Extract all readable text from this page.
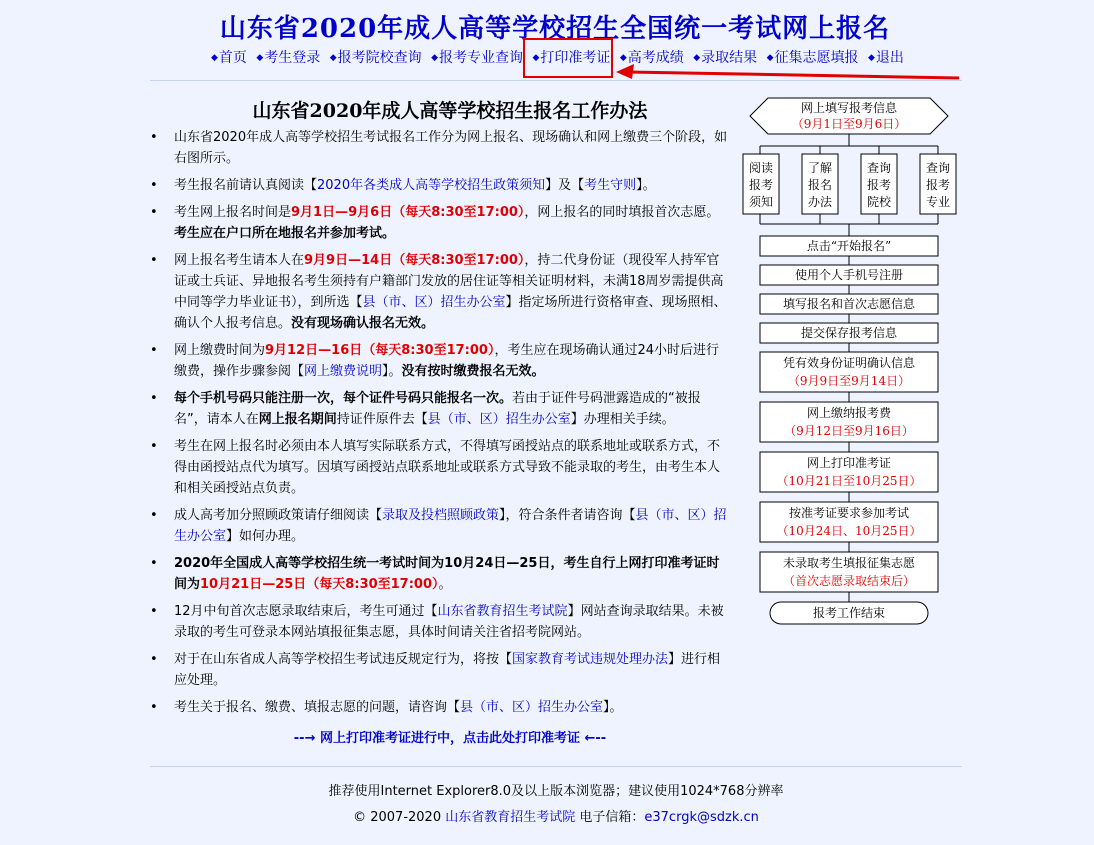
山东省2020年成人高等学校招生全国统一考试网上报名
◆首页 ◆考生登录 ◆报考院校查询 ◆报考专业查询 ◆打印准考证 ◆高考成绩 ◆录取结果 ◆征集志愿填报 ◆退出
山东省2020年成人高等学校招生报名工作办法
• 山东省2020年成人高等学校招生考试报名工作分为网上报名、现场确认和网上缴费三个阶段，如右图所示。
• 考生报名前请认真阅读【2020年各类成人高等学校招生政策须知】及【考生守则】。
• 考生网上报名时间是9月1日—9月6日（每天8:30至17:00），网上报名的同时填报首次志愿。考生应在户口所在地报名并参加考试。
• 网上报名考生请本人在9月9日—14日（每天8:30至17:00），持二代身份证（现役军人持军官证或士兵证、异地报名考生须持有户籍部门发放的居住证等相关证明材料，未满18周岁需提供高中同等学力毕业证书），到所选【县（市、区）招生办公室】指定场所进行资格审查、现场照相、确认个人报考信息。没有现场确认报名无效。
• 网上缴费时间为9月12日—16日（每天8:30至17:00），考生应在现场确认通过24小时后进行缴费，操作步骤参阅【网上缴费说明】。没有按时缴费报名无效。
• 每个手机号码只能注册一次，每个证件号码只能报名一次。若由于证件号码泄露造成的“被报名”，请本人在网上报名期间持证件原件去【县（市、区）招生办公室】办理相关手续。
• 考生在网上报名时必须由本人填写实际联系方式，不得填写函授站点的联系地址或联系方式，不得由函授站点代为填写。因填写函授站点联系地址或联系方式导致不能录取的考生，由考生本人和相关函授站点负责。
• 成人高考加分照顾政策请仔细阅读【录取及投档照顾政策】，符合条件者请咨询【县（市、区）招生办公室】如何办理。
• 2020年全国成人高等学校招生统一考试时间为10月24日—25日，考生自行上网打印准考证时间为10月21日—25日（每天8:30至17:00）。
• 12月中旬首次志愿录取结束后，考生可通过【山东省教育招生考试院】网站查询录取结果。未被录取的考生可登录本网站填报征集志愿，具体时间请关注省招考院网站。
• 对于在山东省成人高等学校招生考试违反规定行为，将按【国家教育考试违规处理办法】进行相应处理。
• 考生关于报名、缴费、填报志愿的问题，请咨询【县（市、区）招生办公室】。
--→ 网上打印准考证进行中，点击此处打印准考证 ←--
网上填写报考信息
（9月1日至9月6日）
阅读
报考
须知
了解
报名
办法
查询
报考
院校
查询
报考
专业
点击“开始报名”
使用个人手机号注册
填写报名和首次志愿信息
提交保存报考信息
凭有效身份证明确认信息
（9月9日至9月14日）
网上缴纳报考费
（9月12日至9月16日）
网上打印准考证
（10月21日至10月25日）
按准考证要求参加考试
（10月24日、10月25日）
未录取考生填报征集志愿
（首次志愿录取结束后）
报考工作结束
推荐使用Internet Explorer8.0及以上版本浏览器；建议使用1024*768分辨率
© 2007-2020 山东省教育招生考试院 电子信箱：e37crgk@sdzk.cn
